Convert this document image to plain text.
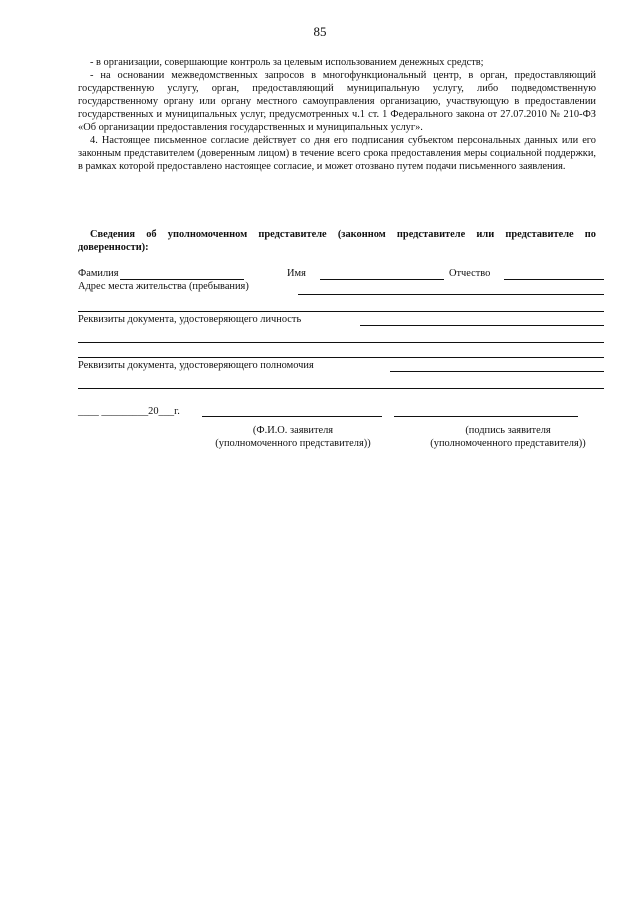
85

- в организации, совершающие контроль за целевым использованием денежных средств;

- на основании межведомственных запросов в многофункциональный центр, в орган, предоставляющий государственную услугу, орган, предоставляющий муниципальную услугу, либо подведомственную государственному органу или органу местного самоуправления организацию, участвующую в предоставлении государственных и муниципальных услуг, предусмотренных ч.1 ст. 1 Федерального закона от 27.07.2010 № 210-ФЗ «Об организации предоставления государственных и муниципальных услуг».

4. Настоящее письменное согласие действует со дня его подписания субъектом персональных данных или его законным представителем (доверенным лицом) в течение всего срока предоставления меры социальной поддержки, в рамках которой предоставлено настоящее согласие, и может отозвано путем подачи письменного заявления.

Сведения об уполномоченном представителе (законном представителе или представителе по доверенности):
Фамилия	Имя	Отчество
Адрес места жительства (пребывания)
Реквизиты документа, удостоверяющего личность
Реквизиты документа, удостоверяющего полномочия
____ _________20___г.
(Ф.И.О. заявителя
(уполномоченного представителя))
(подпись заявителя
(уполномоченного представителя))
